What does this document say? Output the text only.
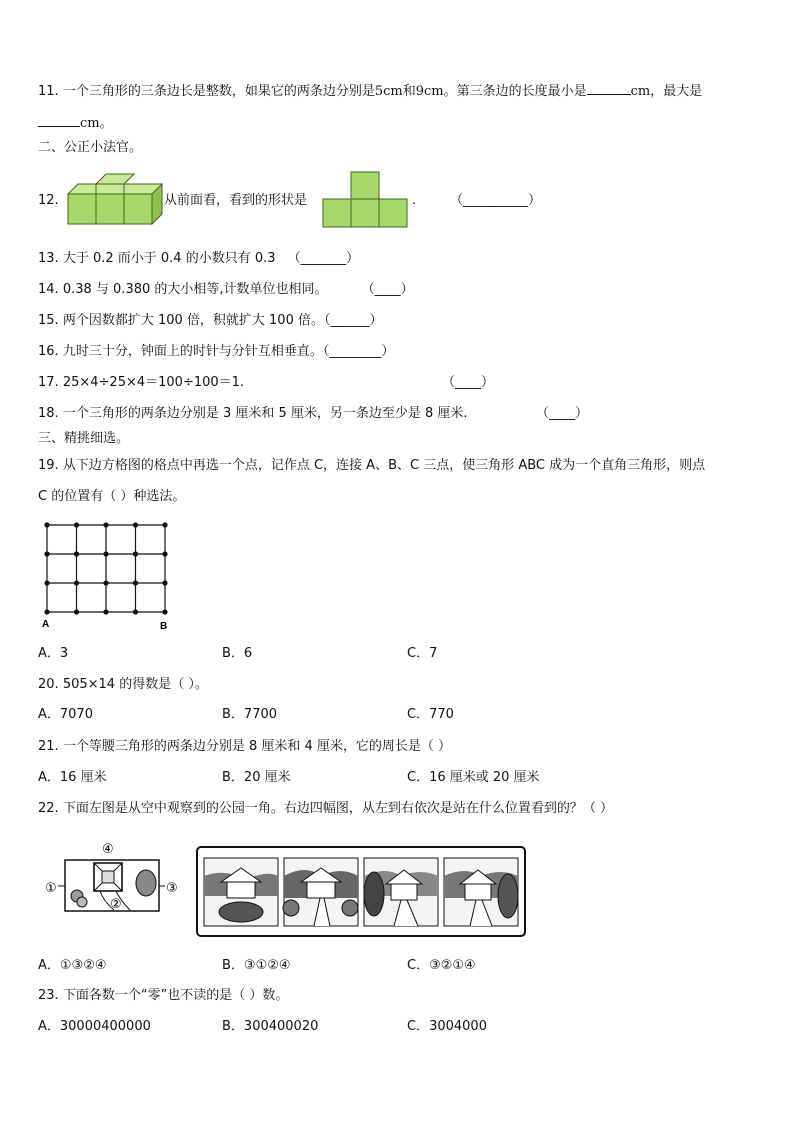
11. 一个三角形的三条边长是整数，如果它的两条边分别是5cm和9cm。第三条边的长度最小是	cm，最大是
cm。
二、公正小法官。
12.	从前面看，看到的形状是	.	（__________）
13. 大于 0.2 而小于 0.4 的小数只有 0.3 （_______）
14. 0.38 与 0.380 的大小相等,计数单位也相同。	（____）
15. 两个因数都扩大 100 倍，积就扩大 100 倍。（______）
16. 九时三十分，钟面上的时针与分针互相垂直。（________）
17. 25×4÷25×4＝100÷100＝1.	（____）
18. 一个三角形的两条边分别是 3 厘米和 5 厘米，另一条边至少是 8 厘米.	（____）
三、精挑细选。
19. 从下边方格图的格点中再选一个点，记作点 C，连接 A、B、C 三点，使三角形 ABC 成为一个直角三角形，则点
C 的位置有（ ）种选法。
A	B
A．3	B．6	C．7
20. 505×14 的得数是（ ）。
A．7070	B．7700	C．770
21. 一个等腰三角形的两条边分别是 8 厘米和 4 厘米，它的周长是（ ）
A．16 厘米	B．20 厘米	C．16 厘米或 20 厘米
22. 下面左图是从空中观察到的公园一角。右边四幅图，从左到右依次是站在什么位置看到的？（ ）
④
①
②
③
A．①③②④	B．③①②④	C．③②①④
23. 下面各数一个“零”也不读的是（ ）数。
A．30000400000	B．300400020	C．3004000
